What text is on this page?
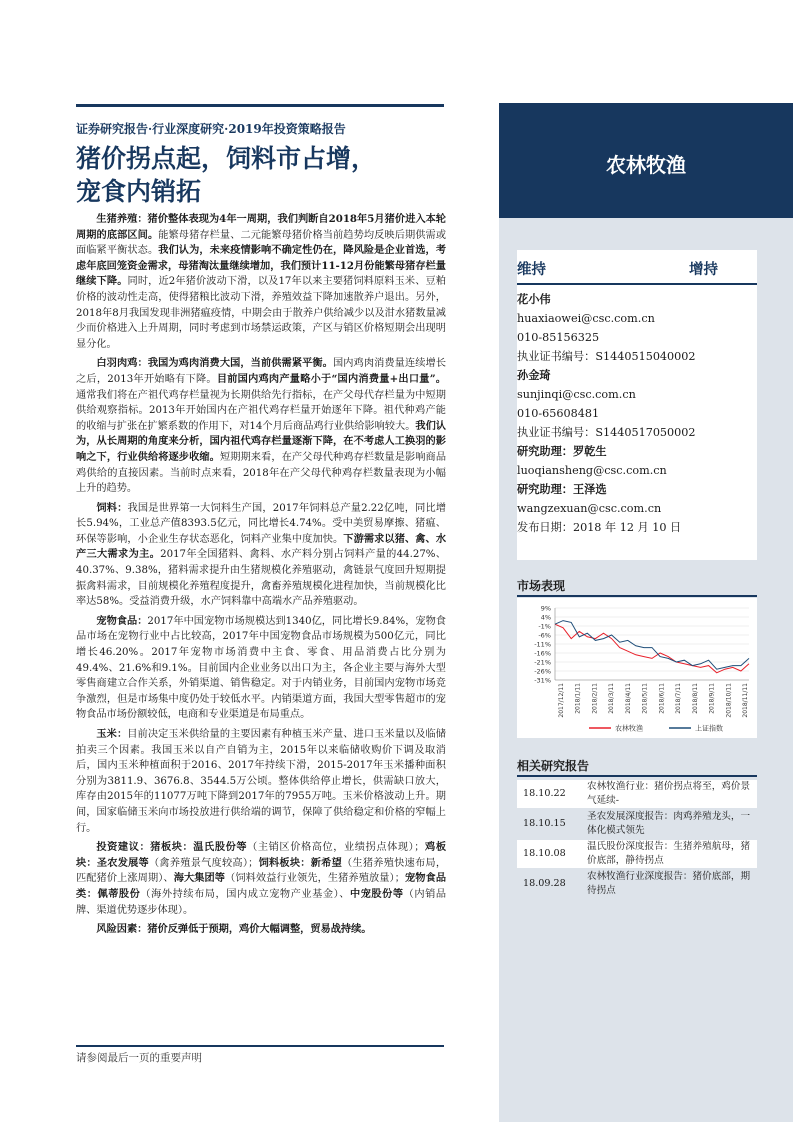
证券研究报告·行业深度研究·2019年投资策略报告
猪价拐点起，饲料市占增，
宠食内销拓

生猪养殖：猪价整体表现为4年一周期，我们判断自2018年5月猪价进入本轮周期的底部区间。能繁母猪存栏量、二元能繁母猪价格当前趋势均反映后期供需或面临紧平衡状态。我们认为，未来疫情影响不确定性仍在，降风险是企业首选，考虑年底回笼资金需求，母猪淘汰量继续增加，我们预计11-12月份能繁母猪存栏量继续下降。同时，近2年猪价波动下滑，以及17年以来主要猪饲料原料玉米、豆粕价格的波动性走高，使得猪粮比波动下滑，养殖效益下降加速散养户退出。另外，2018年8月我国发现非洲猪瘟疫情，中期会由于散养户供给减少以及泔水猪数量减少而价格进入上升周期，同时考虑到市场禁运政策，产区与销区价格短期会出现明显分化。

白羽肉鸡：我国为鸡肉消费大国，当前供需紧平衡。国内鸡肉消费量连续增长之后，2013年开始略有下降。目前国内鸡肉产量略小于“国内消费量+出口量”。通常我们将在产祖代鸡存栏量视为长期供给先行指标，在产父母代存栏量为中短期供给观察指标。2013年开始国内在产祖代鸡存栏量开始逐年下降。祖代种鸡产能的收缩与扩张在扩繁系数的作用下，对14个月后商品鸡行业供给影响较大。我们认为，从长周期的角度来分析，国内祖代鸡存栏量逐渐下降，在不考虑人工换羽的影响之下，行业供给将逐步收缩。短期期来看，在产父母代种鸡存栏数量是影响商品鸡供给的直接因素。当前时点来看，2018年在产父母代种鸡存栏数量表现为小幅上升的趋势。

饲料：我国是世界第一大饲料生产国，2017年饲料总产量2.22亿吨，同比增长5.94%，工业总产值8393.5亿元，同比增长4.74%。受中美贸易摩擦、猪瘟、环保等影响，小企业生存状态恶化，饲料产业集中度加快。下游需求以猪、禽、水产三大需求为主。2017年全国猪料、禽料、水产料分别占饲料产量的44.27%、40.37%、9.38%，猪料需求提升由生猪规模化养殖驱动，禽链景气度回升短期提振禽料需求，目前规模化养殖程度提升，禽畜养殖规模化进程加快，当前规模化比率达58%。受益消费升级，水产饲料靠中高端水产品养殖驱动。

宠物食品：2017年中国宠物市场规模达到1340亿，同比增长9.84%，宠物食品市场在宠物行业中占比较高，2017年中国宠物食品市场规模为500亿元，同比增长46.20%。2017年宠物市场消费中主食、零食、用品消费占比分别为49.4%、21.6%和9.1%。目前国内企业业务以出口为主，各企业主要与海外大型零售商建立合作关系，外销渠道、销售稳定。对于内销业务，目前国内宠物市场竞争激烈，但是市场集中度仍处于较低水平。内销渠道方面，我国大型零售超市的宠物食品市场份额较低，电商和专业渠道是布局重点。

玉米：目前决定玉米供给量的主要因素有种植玉米产量、进口玉米量以及临储拍卖三个因素。我国玉米以自产自销为主，2015年以来临储收购价下调及取消后，国内玉米种植面积于2016、2017年持续下滑，2015-2017年玉米播种面积分别为3811.9、3676.8、3544.5万公顷。整体供给停止增长，供需缺口放大，库存由2015年的11077万吨下降到2017年的7955万吨。玉米价格波动上升。期间，国家临储玉米向市场投放进行供给端的调节，保障了供给稳定和价格的窄幅上行。

投资建议：猪板块：温氏股份等（主销区价格高位，业绩拐点体现）；鸡板块：圣农发展等（禽养殖景气度较高）；饲料板块：新希望（生猪养殖快速布局，匹配猪价上涨周期）、海大集团等（饲料效益行业领先，生猪养殖放量）；宠物食品类：佩蒂股份（海外持续布局，国内成立宠物产业基金）、中宠股份等（内销品牌、渠道优势逐步体现）。

风险因素：猪价反弹低于预期，鸡价大幅调整，贸易战持续。

请参阅最后一页的重要声明
农林牧渔
维持	增持
花小伟
huaxiaowei@csc.com.cn
010-85156325
执业证书编号：S1440515040002
孙金琦
sunjinqi@csc.com.cn
010-65608481
执业证书编号：S1440517050002
研究助理：罗乾生
luoqiansheng@csc.com.cn
研究助理：王泽选
wangzexuan@csc.com.cn
发布日期：2018 年 12 月 10 日
市场表现
9%
-1%
-11%
-21%
-31%
4%
-6%
-16%
-26%
2017/12/11 2018/1/11 2018/2/11 2018/3/11 2018/4/11 2018/5/11 2018/6/11 2018/7/11 2018/8/11 2018/9/11 2018/10/11 2018/11/11
农林牧渔	上证指数
相关研究报告
18.10.22
农林牧渔行业：猪价拐点将至，鸡价景气延续-
18.10.15
圣农发展深度报告：肉鸡养殖龙头，一体化模式领先
18.10.08
温氏股份深度报告：生猪养殖航母，猪价底部，静待拐点
18.09.28
农林牧渔行业深度报告：猪价底部，期待拐点
